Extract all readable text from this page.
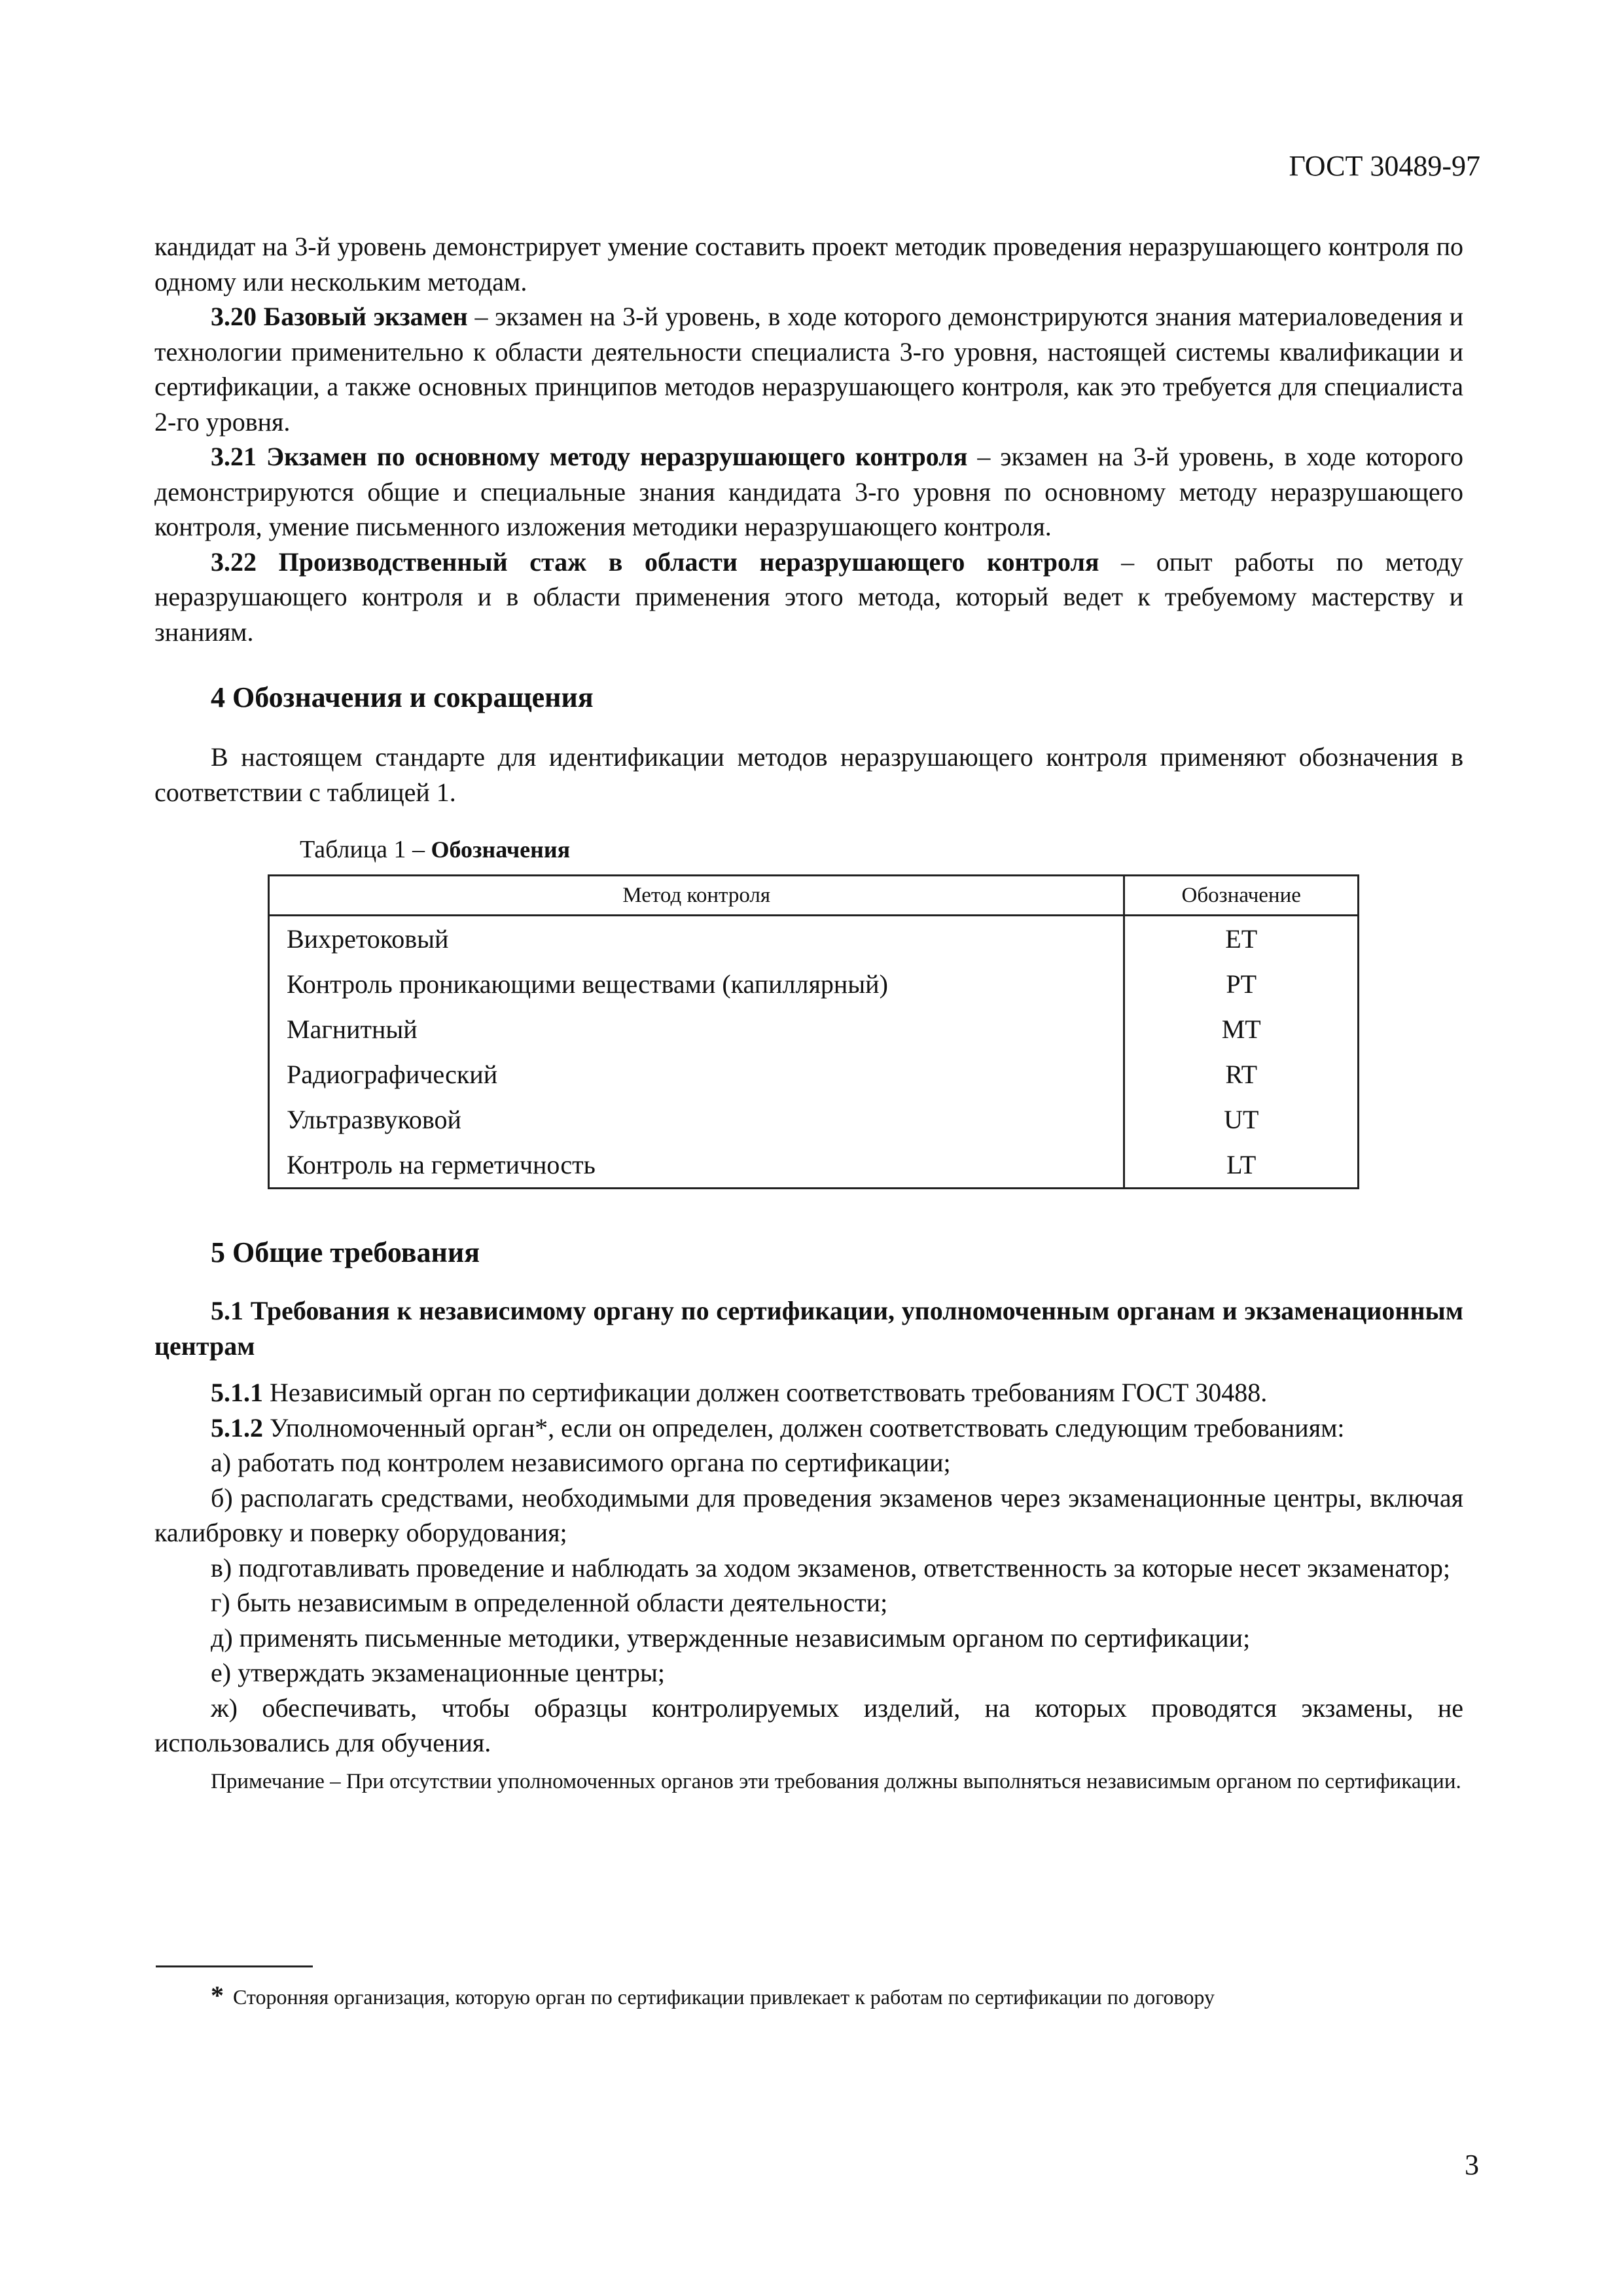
ГОСТ 30489-97

кандидат на 3-й уровень демонстрирует умение составить проект методик проведения неразрушающего контроля по одному или нескольким методам.

3.20 Базовый экзамен – экзамен на 3-й уровень, в ходе которого демонстрируются знания материаловедения и технологии применительно к области деятельности специалиста 3-го уровня, настоящей системы квалификации и сертификации, а также основных принципов методов неразрушающего контроля, как это требуется для специалиста 2-го уровня.

3.21 Экзамен по основному методу неразрушающего контроля – экзамен на 3-й уровень, в ходе которого демонстрируются общие и специальные знания кандидата 3-го уровня по основному методу неразрушающего контроля, умение письменного изложения методики неразрушающего контроля.

3.22 Производственный стаж в области неразрушающего контроля – опыт работы по методу неразрушающего контроля и в области применения этого метода, который ведет к требуемому мастерству и знаниям.

4 Обозначения и сокращения

В настоящем стандарте для идентификации методов неразрушающего контроля применяют обозначения в соответствии с таблицей 1.

Таблица 1 – Обозначения
Метод контроля	Обозначение
Вихретоковый	ET
Контроль проникающими веществами (капиллярный)	PT
Магнитный	MT
Радиографический	RT
Ультразвуковой	UT
Контроль на герметичность	LT
5 Общие требования

5.1 Требования к независимому органу по сертификации, уполномоченным органам и экзаменационным центрам

5.1.1 Независимый орган по сертификации должен соответствовать требованиям ГОСТ 30488.

5.1.2 Уполномоченный орган*, если он определен, должен соответствовать следующим требованиям:

а) работать под контролем независимого органа по сертификации;

б) располагать средствами, необходимыми для проведения экзаменов через экзаменационные центры, включая калибровку и поверку оборудования;

в) подготавливать проведение и наблюдать за ходом экзаменов, ответственность за которые несет экзаменатор;

г) быть независимым в определенной области деятельности;

д) применять письменные методики, утвержденные независимым органом по сертификации;

е) утверждать экзаменационные центры;

ж) обеспечивать, чтобы образцы контролируемых изделий, на которых проводятся экзамены, не использовались для обучения.

Примечание – При отсутствии уполномоченных органов эти требования должны выполняться независимым органом по сертификации.

* Сторонняя организация, которую орган по сертификации привлекает к работам по сертификации по договору
3
